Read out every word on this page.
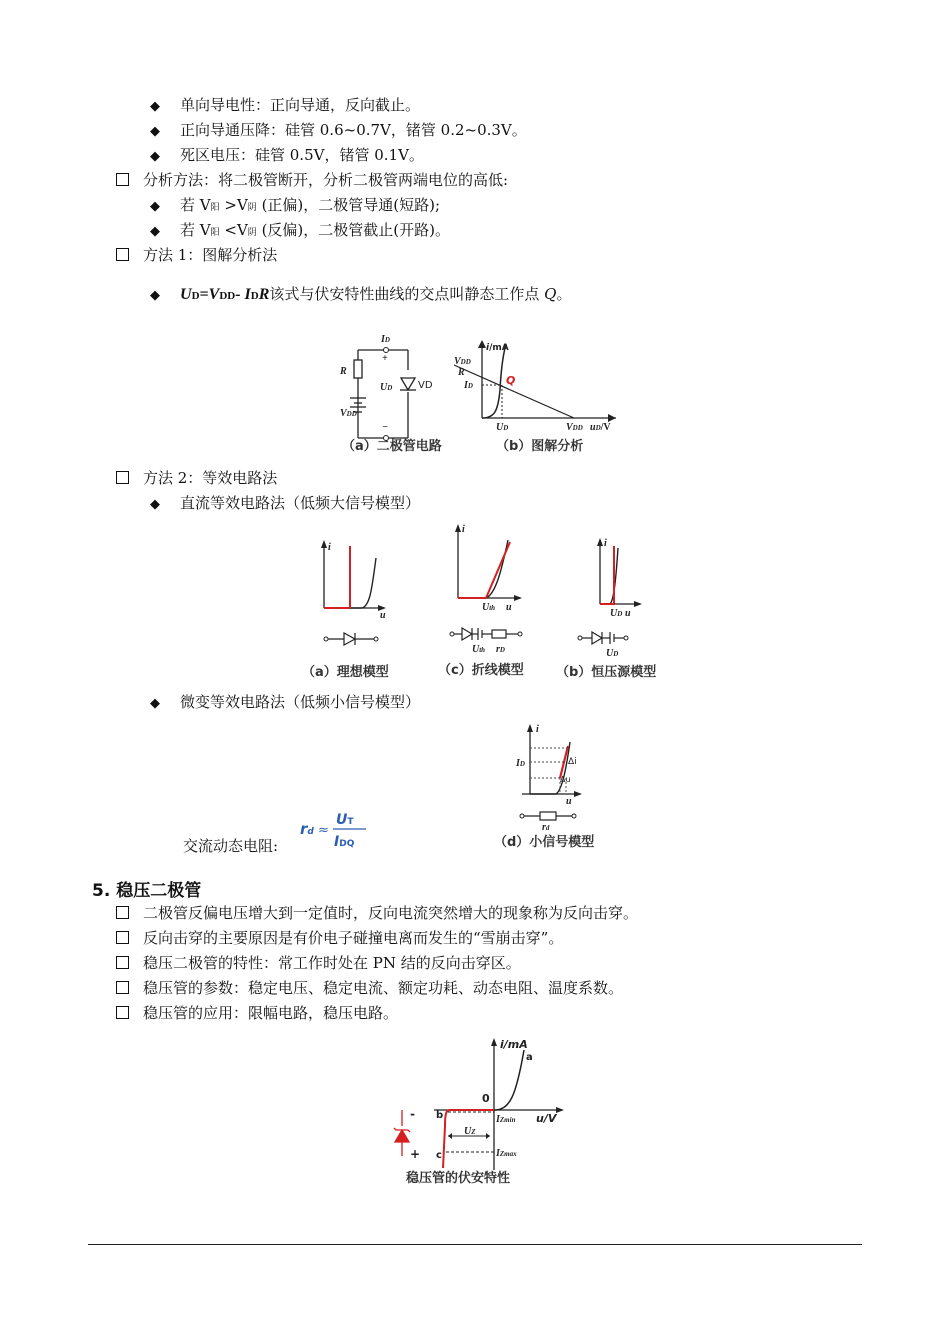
◆ 单向导电性：正向导通，反向截止。
◆ 正向导通压降：硅管 0.6~0.7V，锗管 0.2~0.3V。
◆ 死区电压：硅管 0.5V，锗管 0.1V。
分析方法：将二极管断开，分析二极管两端电位的高低:
◆ 若 V阳 >V阴 (正偏)，二极管导通(短路);
◆ 若 V阳 <V阴 (反偏)，二极管截止(开路)。
方法 1：图解分析法
◆ UD=VDD- IDR该式与伏安特性曲线的交点叫静态工作点 Q。
ID
+
R
UD	VD
VDD
−
i/mA
VDD
R
ID	Q
UD	VDD uD/V
（a）二极管电路	（b）图解分析
方法 2：等效电路法
◆ 直流等效电路法（低频大信号模型）
i
u
i
Uth u
Uth rD
i
UD u
UD
（a）理想模型	（c）折线模型 （b）恒压源模型
◆ 微变等效电路法（低频小信号模型）
交流动态电阻:
rd ≈
UT
IDQ
i
ID	Δi
Δu
u
rd
（d）小信号模型
5. 稳压二极管
二极管反偏电压增大到一定值时，反向电流突然增大的现象称为反向击穿。
反向击穿的主要原因是有价电子碰撞电离而发生的“雪崩击穿”。
稳压二极管的特性：常工作时处在 PN 结的反向击穿区。
稳压管的参数：稳定电压、稳定电流、额定功耗、动态电阻、温度系数。
稳压管的应用：限幅电路，稳压电路。
i/mA
u/V
0
a
UZ
b
c
IZmin
IZmax
-
+
稳压管的伏安特性
